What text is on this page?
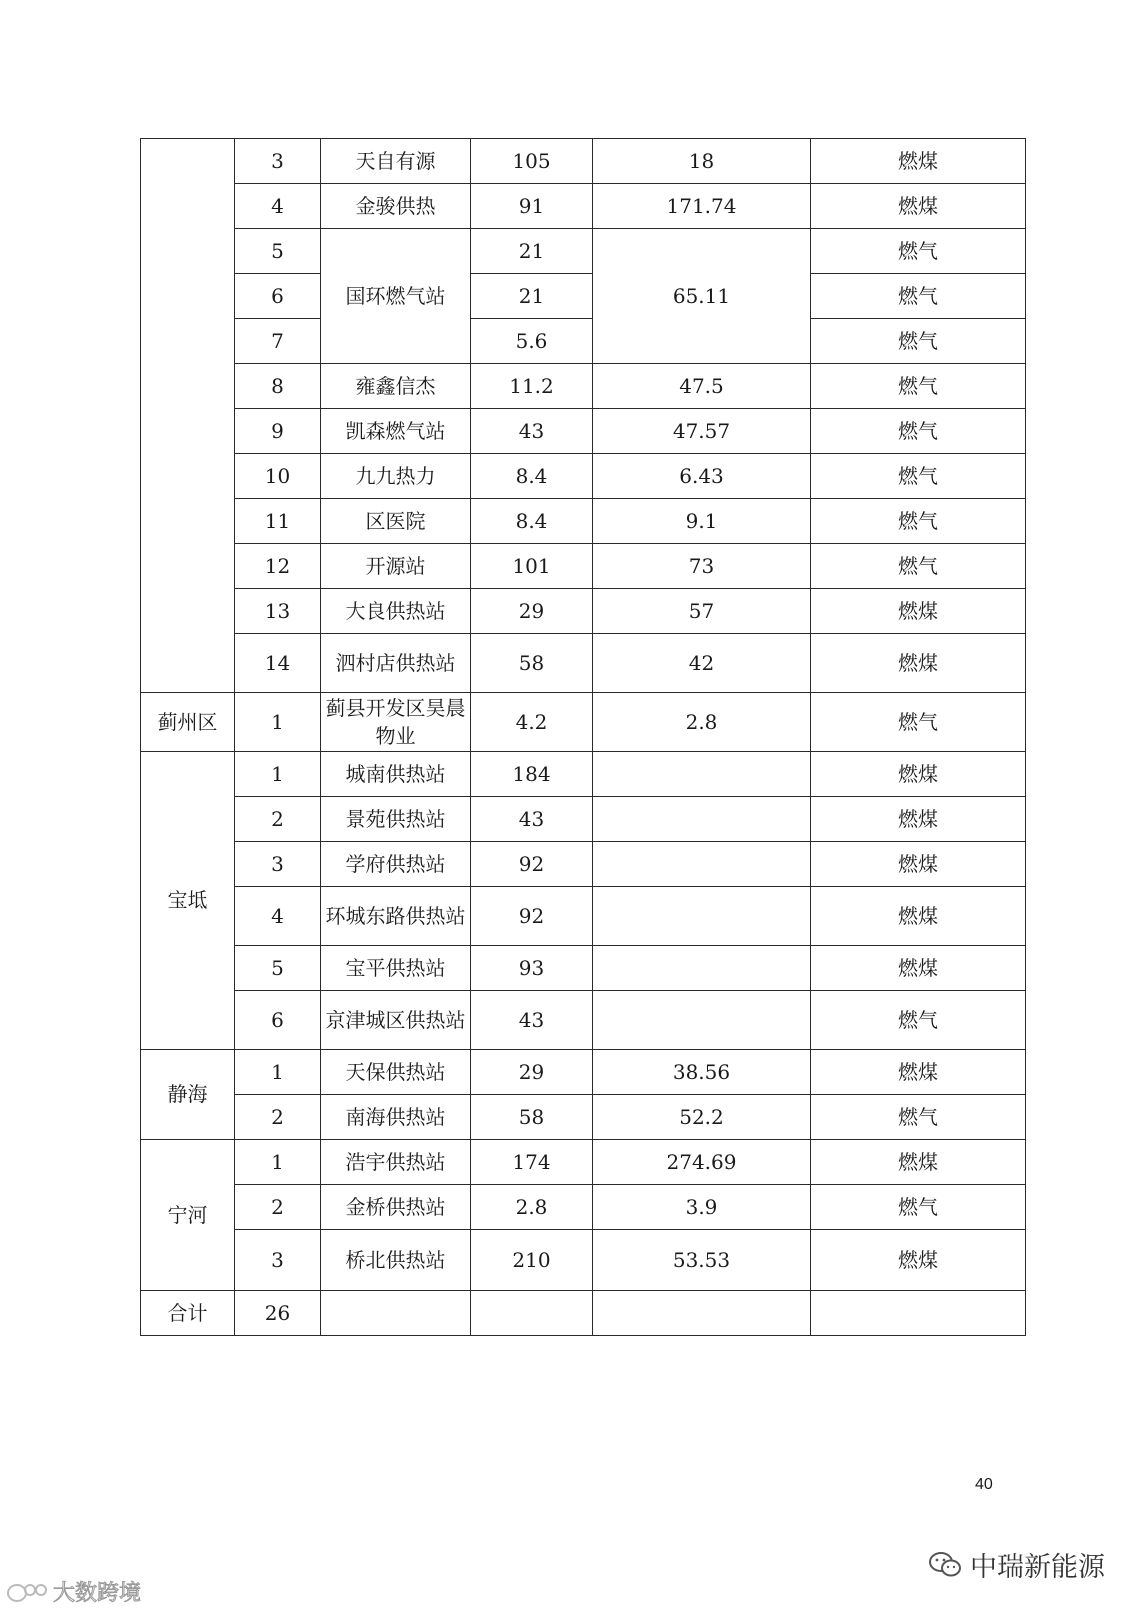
	3	天自有源	105	18	燃煤
	4	金骏供热	91	171.74	燃煤
	5	国环燃气站	21	65.11	燃气
	6		21		燃气
	7		5.6		燃气
	8	雍鑫信杰	11.2	47.5	燃气
	9	凯森燃气站	43	47.57	燃气
	10	九九热力	8.4	6.43	燃气
	11	区医院	8.4	9.1	燃气
	12	开源站	101	73	燃气
	13	大良供热站	29	57	燃煤
	14	泗村店供热站	58	42	燃煤
蓟州区	1	蓟县开发区昊晨物业	4.2	2.8	燃气
宝坻	1	城南供热站	184		燃煤
	2	景苑供热站	43		燃煤
	3	学府供热站	92		燃煤
	4	环城东路供热站	92		燃煤
	5	宝平供热站	93		燃煤
	6	京津城区供热站	43		燃气
静海	1	天保供热站	29	38.56	燃煤
	2	南海供热站	58	52.2	燃气
宁河	1	浩宇供热站	174	274.69	燃煤
	2	金桥供热站	2.8	3.9	燃气
	3	桥北供热站	210	53.53	燃煤
合计	26				
40
中瑞新能源
大数跨境
